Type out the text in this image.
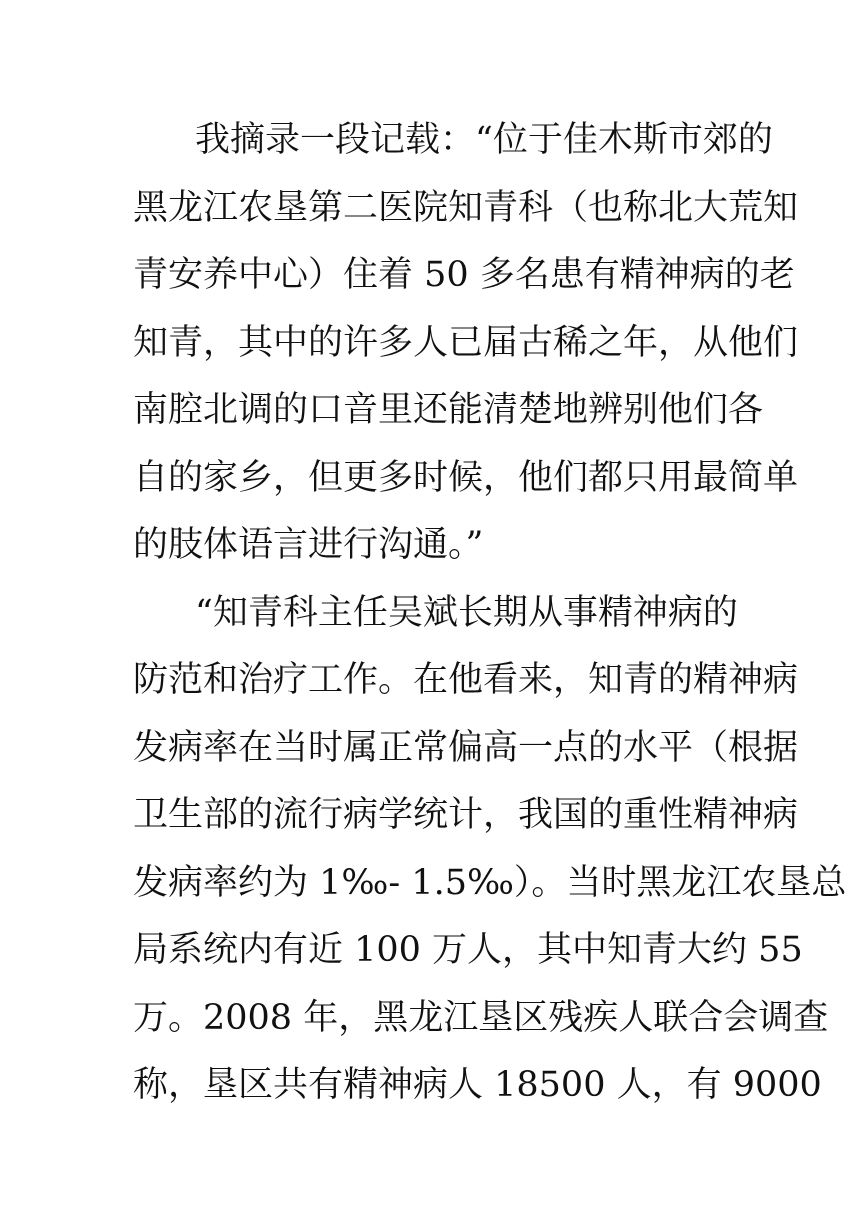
我摘录一段记载：“位于佳木斯市郊的
黑龙江农垦第二医院知青科（也称北大荒知
青安养中心）住着 50 多名患有精神病的老
知青，其中的许多人已届古稀之年，从他们
南腔北调的口音里还能清楚地辨别他们各
自的家乡，但更多时候，他们都只用最简单
的肢体语言进行沟通。”
“知青科主任吴斌长期从事精神病的
防范和治疗工作。在他看来，知青的精神病
发病率在当时属正常偏高一点的水平（根据
卫生部的流行病学统计，我国的重性精神病
发病率约为 1‰- 1.5‰）。当时黑龙江农垦总
局系统内有近 100 万人，其中知青大约 55
万。2008 年，黑龙江垦区残疾人联合会调查
称，垦区共有精神病人 18500 人，有 9000
